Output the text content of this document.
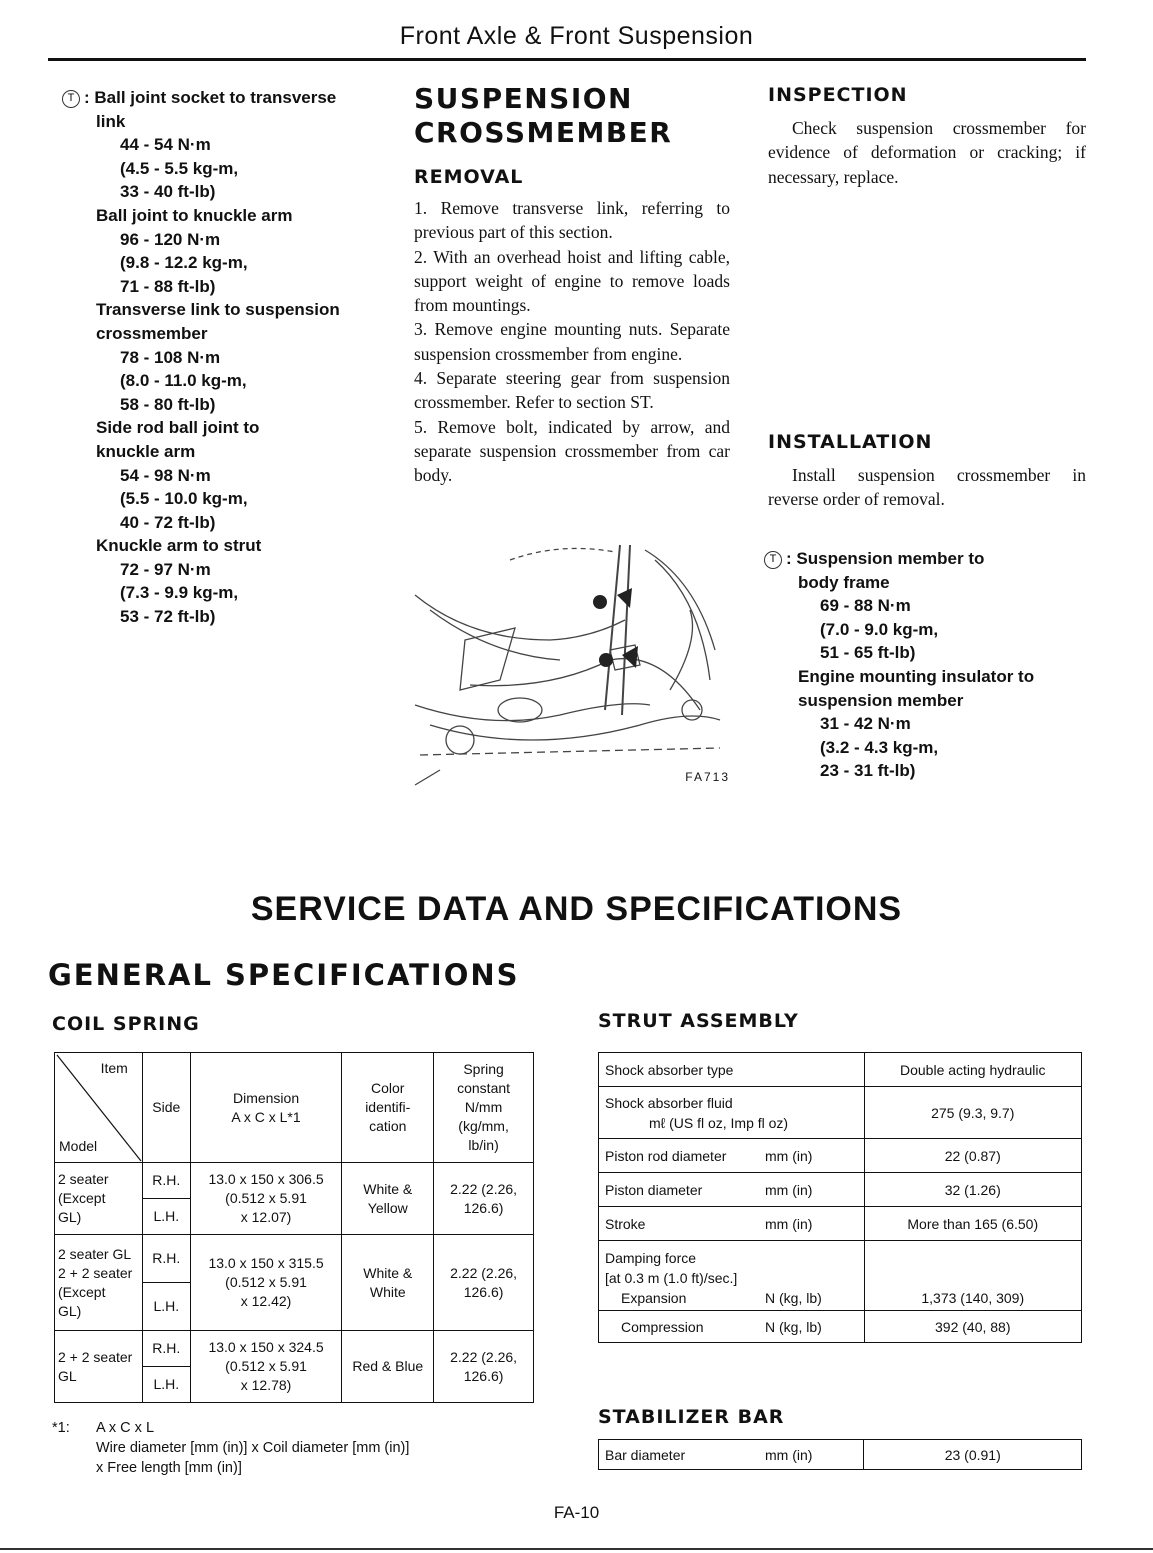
Front Axle & Front Suspension
T : Ball joint socket to transverse
link
44 - 54 N·m
(4.5 - 5.5 kg-m,
33 - 40 ft-lb)
Ball joint to knuckle arm
96 - 120 N·m
(9.8 - 12.2 kg-m,
71 - 88 ft-lb)
Transverse link to suspension
crossmember
78 - 108 N·m
(8.0 - 11.0 kg-m,
58 - 80 ft-lb)
Side rod ball joint to
knuckle arm
54 - 98 N·m
(5.5 - 10.0 kg-m,
40 - 72 ft-lb)
Knuckle arm to strut
72 - 97 N·m
(7.3 - 9.9 kg-m,
53 - 72 ft-lb)
SUSPENSION
CROSSMEMBER
REMOVAL

1. Remove transverse link, referring to previous part of this section.

2. With an overhead hoist and lifting cable, support weight of engine to remove loads from mountings.

3. Remove engine mounting nuts. Separate suspension crossmember from engine.

4. Separate steering gear from suspension crossmember. Refer to section ST.

5. Remove bolt, indicated by arrow, and separate suspension crossmember from car body.

FA713
INSPECTION
Check suspension crossmember for evidence of deformation or cracking; if necessary, replace.
INSTALLATION
Install suspension crossmember in reverse order of removal.
T : Suspension member to
body frame
69 - 88 N·m
(7.0 - 9.0 kg-m,
51 - 65 ft-lb)
Engine mounting insulator to
suspension member
31 - 42 N·m
(3.2 - 4.3 kg-m,
23 - 31 ft-lb)
SERVICE DATA AND SPECIFICATIONS
GENERAL SPECIFICATIONS
COIL SPRING
Item
Model	Side	Dimension
A x C x L*1	Color
identifi-
cation	Spring
constant
N/mm
(kg/mm,
lb/in)
2 seater
(Except
GL)	R.H.	13.0 x 150 x 306.5
(0.512 x 5.91
x 12.07)	White &
Yellow	2.22 (2.26,
126.6)
	L.H.			
2 seater GL
2 + 2 seater
(Except
GL)	R.H.	13.0 x 150 x 315.5
(0.512 x 5.91
x 12.42)	White &
White	2.22 (2.26,
126.6)
	L.H.			
2 + 2 seater
GL	R.H.	13.0 x 150 x 324.5
(0.512 x 5.91
x 12.78)	Red & Blue	2.22 (2.26,
126.6)
	L.H.			
*1: A x C x L
Wire diameter [mm (in)] x Coil diameter [mm (in)]
x Free length [mm (in)]
STRUT ASSEMBLY
Shock absorber type	Double acting hydraulic
Shock absorber fluid
mℓ (US fl oz, Imp fl oz)	275 (9.3, 9.7)
Piston rod diameter mm (in)	22 (0.87)
Piston diameter mm (in)	32 (1.26)
Stroke mm (in)	More than 165 (6.50)

Damping force
[at 0.3 m (1.0 ft)/sec.]
Expansion N (kg, lb)	1,373 (140, 309)
Compression N (kg, lb)	392 (40, 88)
STABILIZER BAR
Bar diameter	mm (in)	23 (0.91)
FA-10
